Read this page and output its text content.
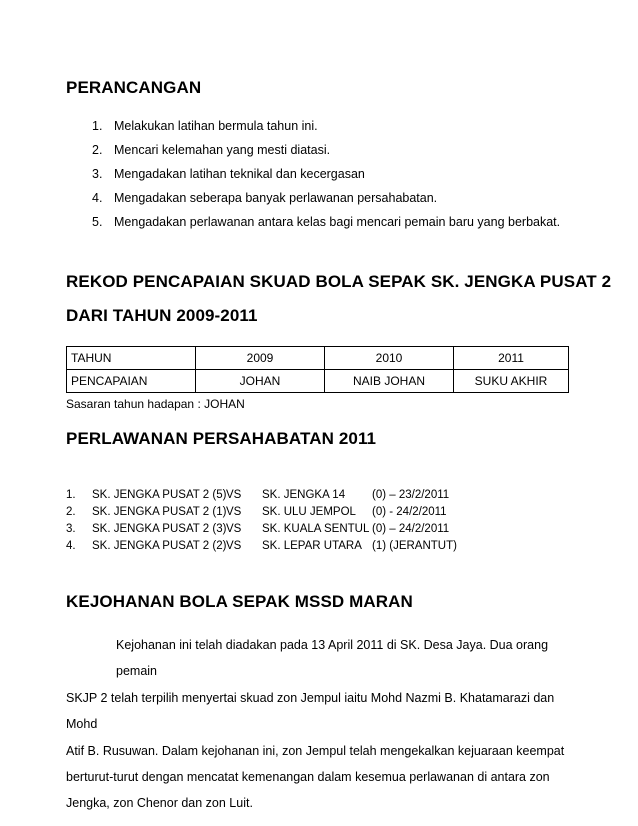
PERANCANGAN
1. Melakukan latihan bermula tahun ini.
2. Mencari kelemahan yang mesti diatasi.
3. Mengadakan latihan teknikal dan kecergasan
4. Mengadakan seberapa banyak perlawanan persahabatan.
5. Mengadakan perlawanan antara kelas bagi mencari pemain baru yang berbakat.
REKOD PENCAPAIAN SKUAD BOLA SEPAK SK. JENGKA PUSAT 2
DARI TAHUN 2009-2011
TAHUN	2009	2010	2011
PENCAPAIAN	JOHAN	NAIB JOHAN	SUKU AKHIR
Sasaran tahun hadapan : JOHAN
PERLAWANAN PERSAHABATAN 2011
1. SK. JENGKA PUSAT 2 (5) VS SK. JENGKA 14 (0) – 23/2/2011
2. SK. JENGKA PUSAT 2 (1) VS SK. ULU JEMPOL (0) - 24/2/2011
3. SK. JENGKA PUSAT 2 (3) VS SK. KUALA SENTUL (0) – 24/2/2011
4. SK. JENGKA PUSAT 2 (2) VS SK. LEPAR UTARA (1) (JERANTUT)
KEJOHANAN BOLA SEPAK MSSD MARAN

Kejohanan ini telah diadakan pada 13 April 2011 di SK. Desa Jaya. Dua orang pemain

SKJP 2 telah terpilih menyertai skuad zon Jempul iaitu Mohd Nazmi B. Khatamarazi dan Mohd

Atif B. Rusuwan. Dalam kejohanan ini, zon Jempul telah mengekalkan kejuaraan keempat

berturut-turut dengan mencatat kemenangan dalam kesemua perlawanan di antara zon

Jengka, zon Chenor dan zon Luit.
